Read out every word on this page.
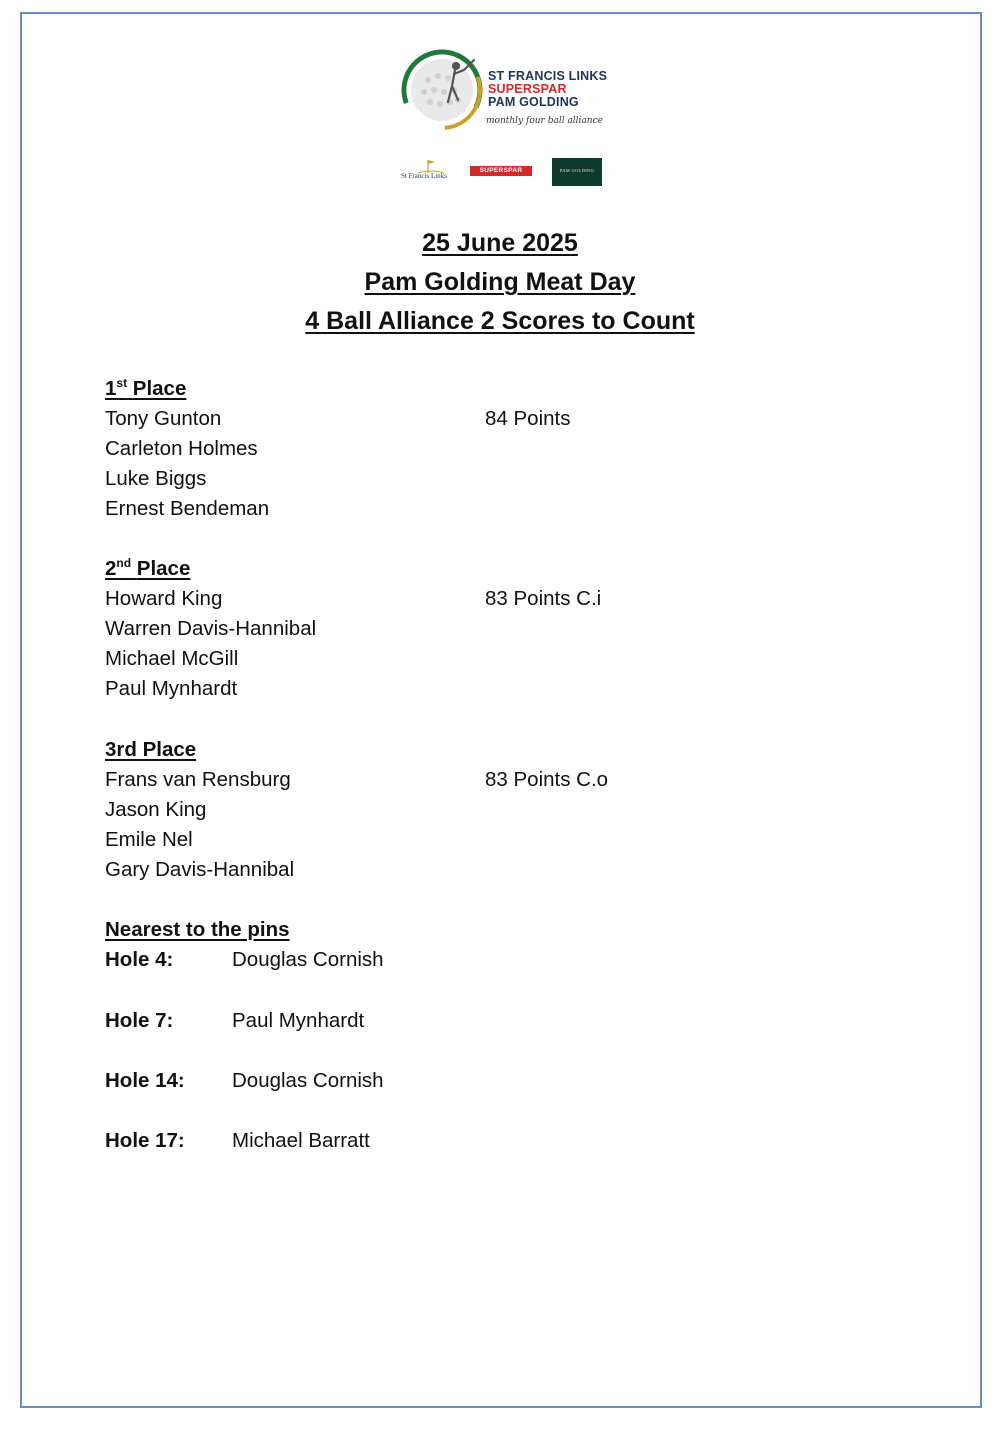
ST FRANCIS LINKS
SUPERSPAR
PAM GOLDING
monthly four ball alliance
St Francis Links
SUPERSPAR	PAM GOLDING
25 June 2025
Pam Golding Meat Day
4 Ball Alliance 2 Scores to Count
1st Place
Tony Gunton	84 Points
Carleton Holmes
Luke Biggs
Ernest Bendeman
2nd Place
Howard King	83 Points C.i
Warren Davis-Hannibal
Michael McGill
Paul Mynhardt
3rd Place
Frans van Rensburg	83 Points C.o
Jason King
Emile Nel
Gary Davis-Hannibal
Nearest to the pins
Hole 4:	Douglas Cornish
Hole 7:	Paul Mynhardt
Hole 14: Douglas Cornish
Hole 17: Michael Barratt
